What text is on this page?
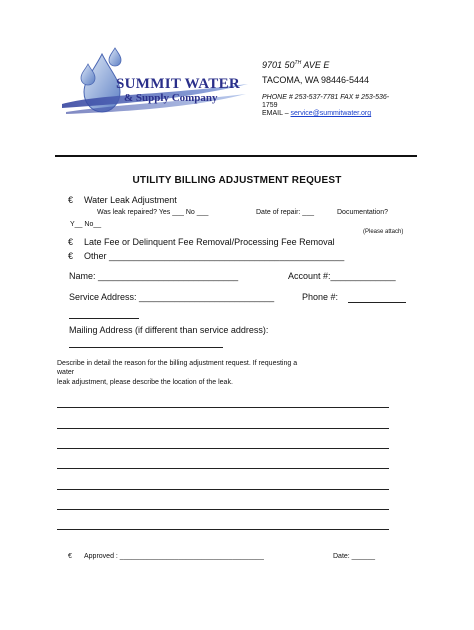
SUMMIT WATER
& Supply Company
9701 50TH AVE E
TACOMA, WA 98446-5444
PHONE # 253-537-7781 FAX # 253-536-
1759
EMAIL – service@summitwater.org
UTILITY BILLING ADJUSTMENT REQUEST
€ Water Leak Adjustment
Was leak repaired? Yes ___ No ___	Date of repair: ___	Documentation?
Y__ No__
(Please attach)
€ Late Fee or Delinquent Fee Removal/Processing Fee Removal
€ Other _______________________________________________
Name: ____________________________	Account #:_____________
Service Address: ___________________________	Phone #:
Mailing Address (if different than service address):
Describe in detail the reason for the billing adjustment request. If requesting a
water
leak adjustment, please describe the location of the leak.
€ Approved : _____________________________________	Date: ______
